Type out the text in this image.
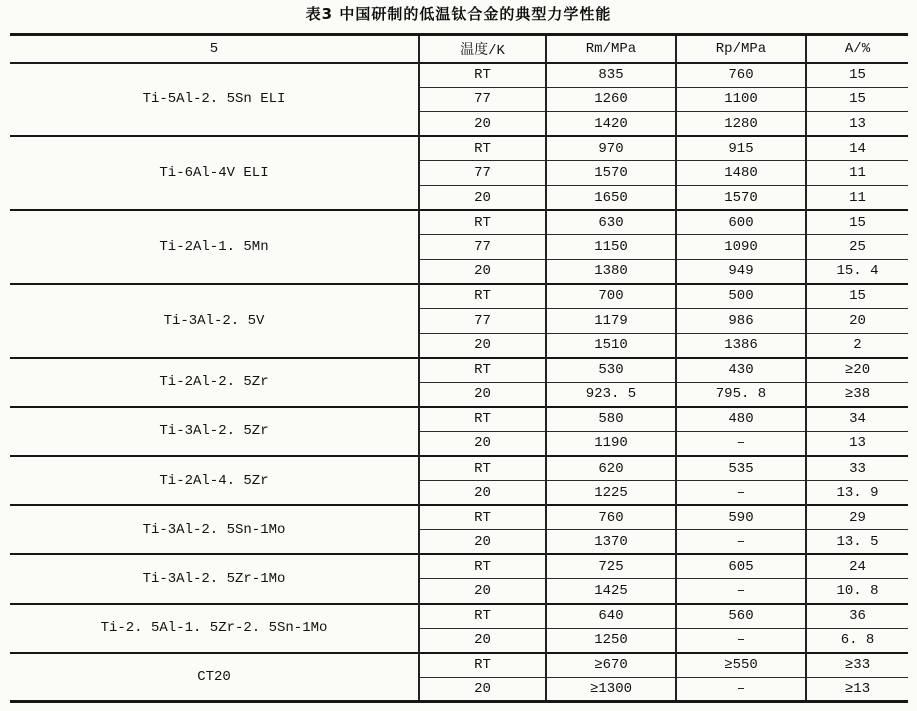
表3 中国研制的低温钛合金的典型力学性能
5	温度/K	Rm/MPa	Rp/MPa	A/%
Ti-5Al-2. 5Sn ELI	RT	835	760	15
	77	1260	1100	15
	20	1420	1280	13
Ti-6Al-4V ELI	RT	970	915	14
	77	1570	1480	11
	20	1650	1570	11
Ti-2Al-1. 5Mn	RT	630	600	15
	77	1150	1090	25
	20	1380	949	15. 4
Ti-3Al-2. 5V	RT	700	500	15
	77	1179	986	20
	20	1510	1386	2
Ti-2Al-2. 5Zr	RT	530	430	≥20
	20	923. 5	795. 8	≥38
Ti-3Al-2. 5Zr	RT	580	480	34
	20	1190	–	13
Ti-2Al-4. 5Zr	RT	620	535	33
	20	1225	–	13. 9
Ti-3Al-2. 5Sn-1Mo	RT	760	590	29
	20	1370	–	13. 5
Ti-3Al-2. 5Zr-1Mo	RT	725	605	24
	20	1425	–	10. 8
Ti-2. 5Al-1. 5Zr-2. 5Sn-1Mo	RT	640	560	36
	20	1250	–	6. 8
CT20	RT	≥670	≥550	≥33
	20	≥1300	–	≥13
